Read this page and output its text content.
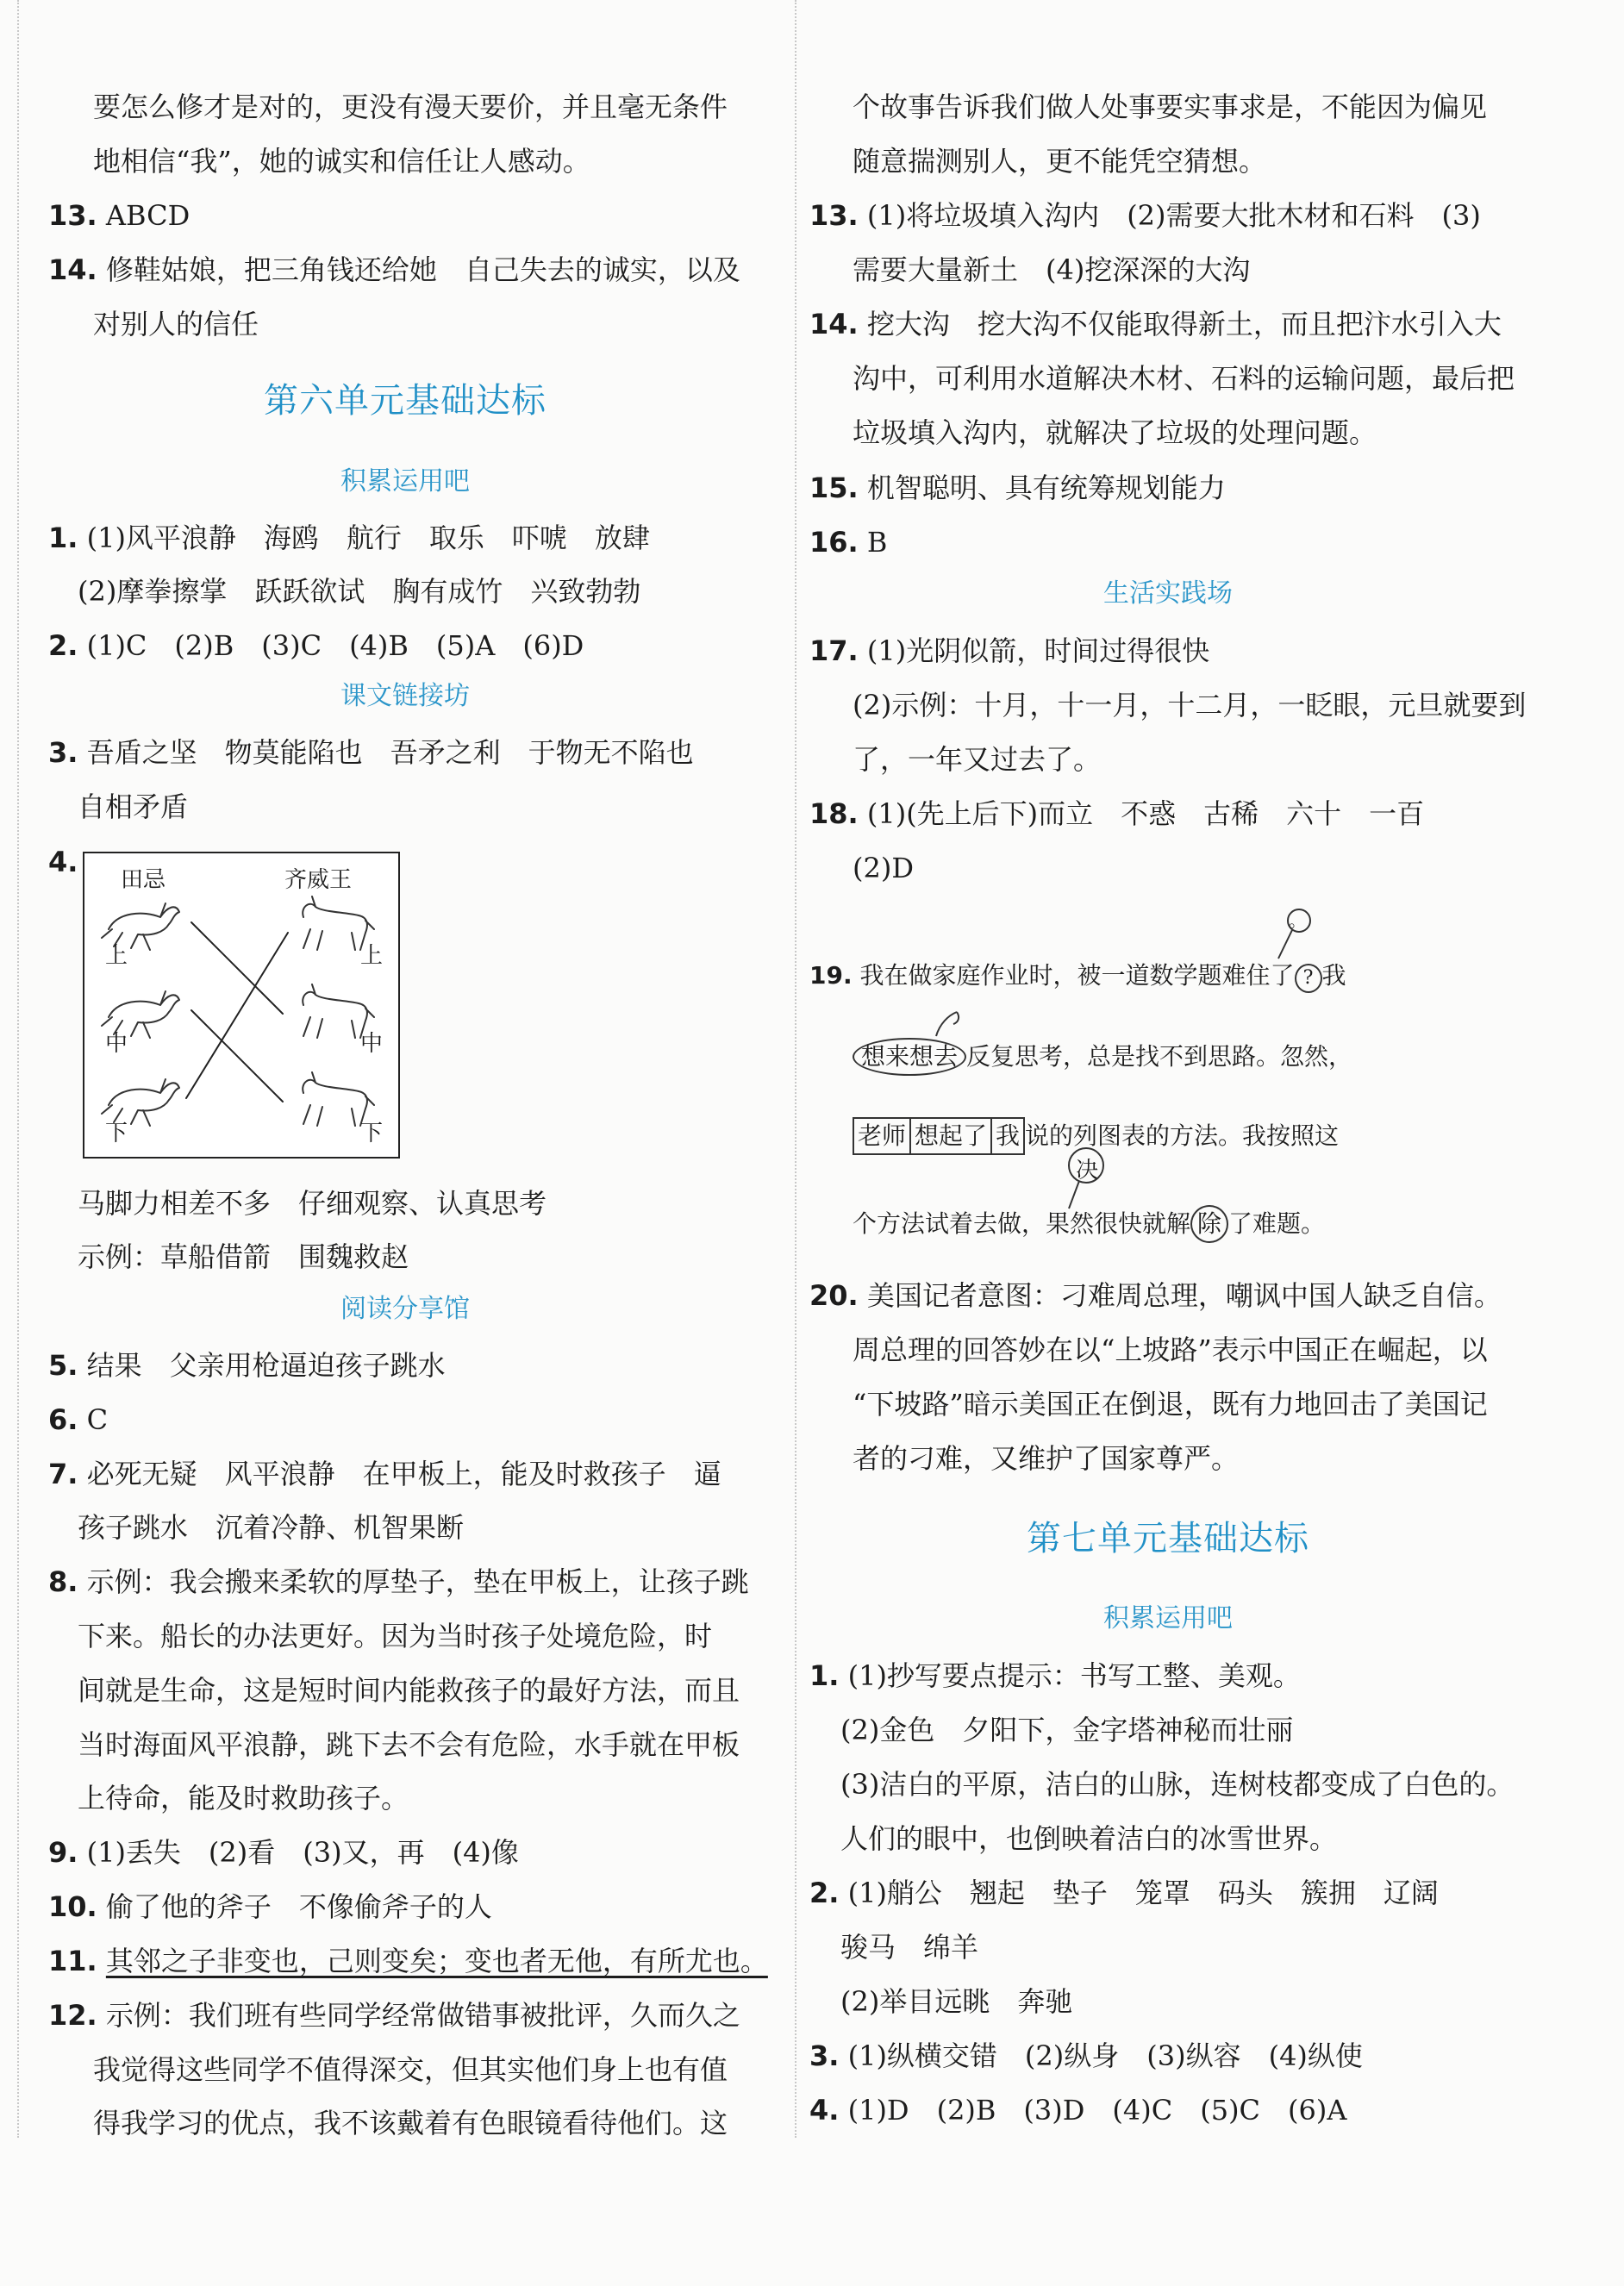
要怎么修才是对的，更没有漫天要价，并且毫无条件
地相信“我”，她的诚实和信任让人感动。
13. ABCD
14. 修鞋姑娘，把三角钱还给她　自己失去的诚实，以及
对别人的信任
第六单元基础达标
积累运用吧
1. (1)风平浪静　海鸥　航行　取乐　吓唬　放肆
(2)摩拳擦掌　跃跃欲试　胸有成竹　兴致勃勃
2. (1)C　(2)B　(3)C　(4)B　(5)A　(6)D
课文链接坊
3. 吾盾之坚　物莫能陷也　吾矛之利　于物无不陷也
自相矛盾
4.
田忌	齐威王
上
中
下
上
中
下
马脚力相差不多　仔细观察、认真思考
示例：草船借箭　围魏救赵
阅读分享馆
5. 结果　父亲用枪逼迫孩子跳水
6. C
7. 必死无疑　风平浪静　在甲板上，能及时救孩子　逼
孩子跳水　沉着冷静、机智果断
8. 示例：我会搬来柔软的厚垫子，垫在甲板上，让孩子跳
下来。船长的办法更好。因为当时孩子处境危险，时
间就是生命，这是短时间内能救孩子的最好方法，而且
当时海面风平浪静，跳下去不会有危险，水手就在甲板
上待命，能及时救助孩子。
9. (1)丢失　(2)看　(3)又，再　(4)像
10. 偷了他的斧子　不像偷斧子的人
11. 其邻之子非变也，己则变矣；变也者无他，有所尤也。
12. 示例：我们班有些同学经常做错事被批评，久而久之
我觉得这些同学不值得深交，但其实他们身上也有值
得我学习的优点，我不该戴着有色眼镜看待他们。这
个故事告诉我们做人处事要实事求是，不能因为偏见
随意揣测别人，更不能凭空猜想。
13. (1)将垃圾填入沟内　(2)需要大批木材和石料　(3)
需要大量新土　(4)挖深深的大沟
14. 挖大沟　挖大沟不仅能取得新土，而且把汴水引入大
沟中，可利用水道解决木材、石料的运输问题，最后把
垃圾填入沟内，就解决了垃圾的处理问题。
15. 机智聪明、具有统筹规划能力
16. B
生活实践场
17. (1)光阴似箭，时间过得很快
(2)示例：十月，十一月，十二月，一眨眼，元旦就要到
了，一年又过去了。
18. (1)(先上后下)而立　不惑　古稀　六十　一百
(2)D
19. 我在做家庭作业时，被一道数学题难住了 ? 我
。
想来想去 反复思考，总是找不到思路。忽然，
老师 想起了 我 说的列图表的方法。我按照这
决
个方法试着去做，果然很快就解 除 了难题。
20. 美国记者意图：刁难周总理，嘲讽中国人缺乏自信。
周总理的回答妙在以“上坡路”表示中国正在崛起，以
“下坡路”暗示美国正在倒退，既有力地回击了美国记
者的刁难，又维护了国家尊严。
第七单元基础达标
积累运用吧
1. (1)抄写要点提示：书写工整、美观。
(2)金色　夕阳下，金字塔神秘而壮丽
(3)洁白的平原，洁白的山脉，连树枝都变成了白色的。
人们的眼中，也倒映着洁白的冰雪世界。
2. (1)艄公　翘起　垫子　笼罩　码头　簇拥　辽阔
骏马　绵羊
(2)举目远眺　奔驰
3. (1)纵横交错　(2)纵身　(3)纵容　(4)纵使
4. (1)D　(2)B　(3)D　(4)C　(5)C　(6)A
